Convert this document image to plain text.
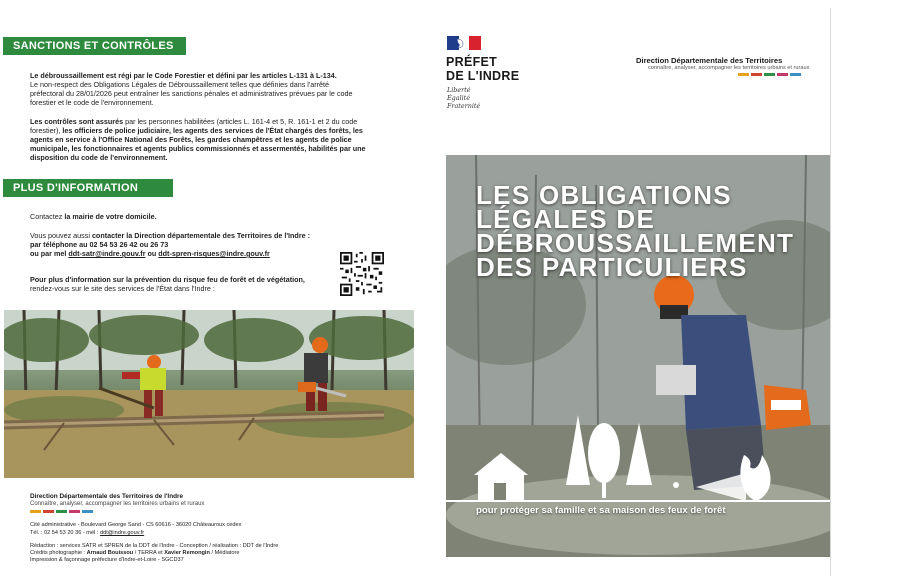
SANCTIONS ET CONTRÔLES
Le débroussaillement est régi par le Code Forestier et défini par les articles L-131 à L-134.
Le non-respect des Obligations Légales de Débroussaillement telles que définies dans l'arrêté
préfectoral du 28/01/2026 peut entraîner les sanctions pénales et administratives prévues par le code
forestier et le code de l'environnement.
Les contrôles sont assurés par les personnes habilitées (articles L. 161-4 et 5, R. 161-1 et 2 du code
forestier), les officiers de police judiciaire, les agents des services de l'État chargés des forêts, les
agents en service à l'Office National des Forêts, les gardes champêtres et les agents de police
municipale, les fonctionnaires et agents publics commissionnés et assermentés, habilités par une
disposition du code de l'environnement.
PLUS D'INFORMATION
Contactez la mairie de votre domicile.
Vous pouvez aussi contacter la Direction départementale des Territoires de l'Indre :
par téléphone au 02 54 53 26 42 ou 26 73
ou par mel ddt-satr@indre.gouv.fr ou ddt-spren-risques@indre.gouv.fr
Pour plus d'information sur la prévention du risque feu de forêt et de végétation,
rendez-vous sur le site des services de l'État dans l'Indre :
Direction Départementale des Territoires de l'Indre
Connaître, analyser, accompagner les territoires urbains et ruraux
Cité administrative - Boulevard George Sand - CS 60616 - 36020 Châteauroux cedex
Tél. : 02 54 53 20 36 - mél : ddt@indre.gouv.fr
Rédaction : services SATR et SPREN de la DDT de l'Indre - Conception / réalisation : DDT de l'Indre
Crédits photographie : Arnaud Bouissou / TERRA et Xavier Remongin / Médiatore
Impression & façonnage préfecture d'Indre-et-Loire - SGCD37
PRÉFET
DE L'INDRE
Liberté
Égalité
Fraternité
Direction Départementale des Territoires
connaître, analyser, accompagner les territoires urbains et ruraux
LES OBLIGATIONS
LÉGALES DE
DÉBROUSSAILLEMENT
DES PARTICULIERS
pour protéger sa famille et sa maison des feux de forêt
